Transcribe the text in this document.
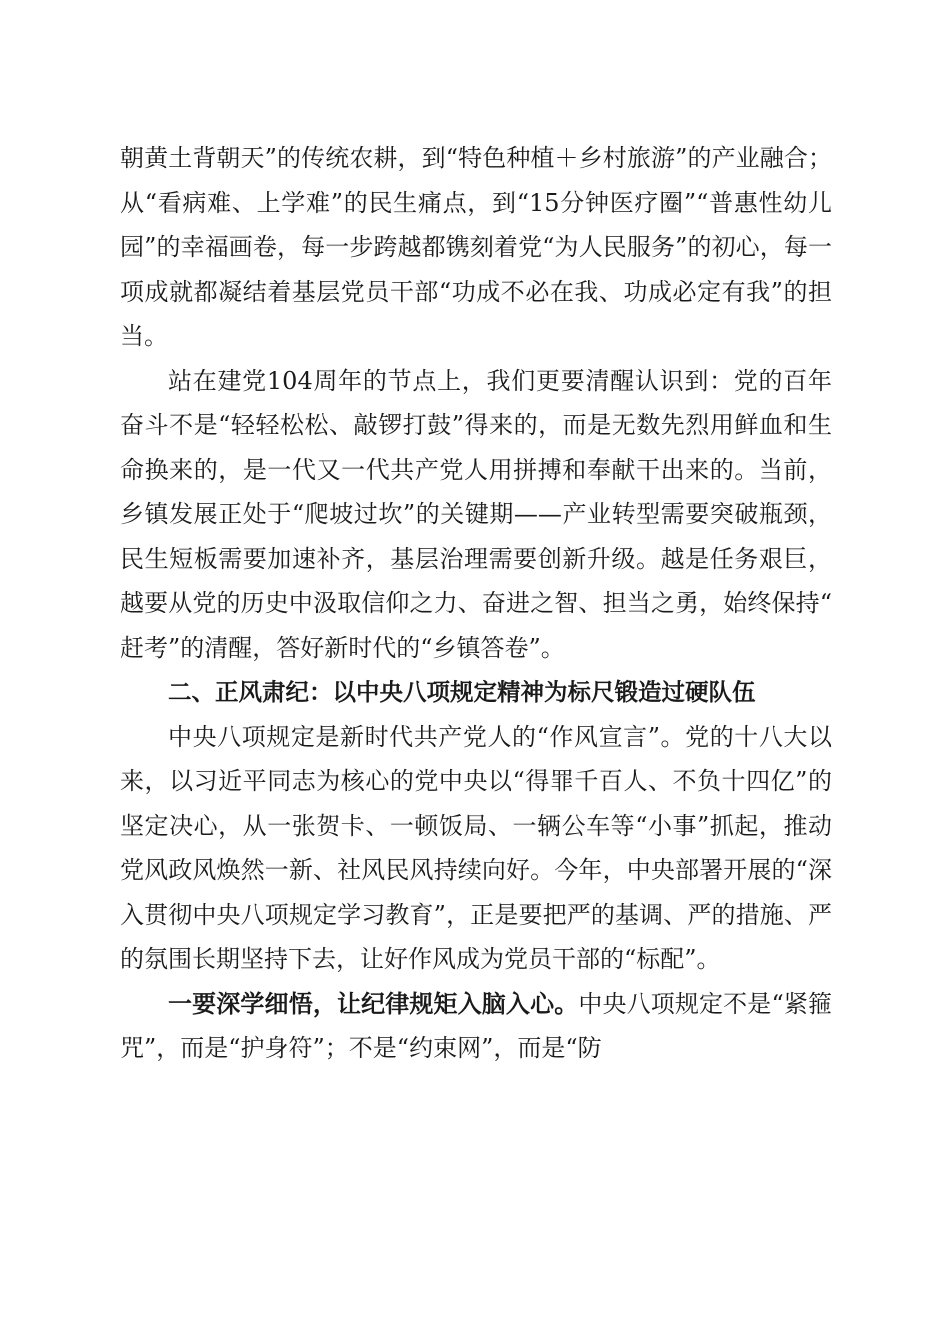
朝黄土背朝天”的传统农耕，到“特色种植＋乡村旅游”的产业融合；从“看病难、上学难”的民生痛点，到“15分钟医疗圈”“普惠性幼儿园”的幸福画卷，每一步跨越都镌刻着党“为人民服务”的初心，每一项成就都凝结着基层党员干部“功成不必在我、功成必定有我”的担当。

站在建党104周年的节点上，我们更要清醒认识到：党的百年奋斗不是“轻轻松松、敲锣打鼓”得来的，而是无数先烈用鲜血和生命换来的，是一代又一代共产党人用拼搏和奉献干出来的。当前，乡镇发展正处于“爬坡过坎”的关键期——产业转型需要突破瓶颈，民生短板需要加速补齐，基层治理需要创新升级。越是任务艰巨，越要从党的历史中汲取信仰之力、奋进之智、担当之勇，始终保持“赶考”的清醒，答好新时代的“乡镇答卷”。

二、正风肃纪：以中央八项规定精神为标尺锻造过硬队伍

中央八项规定是新时代共产党人的“作风宣言”。党的十八大以来，以习近平同志为核心的党中央以“得罪千百人、不负十四亿”的坚定决心，从一张贺卡、一顿饭局、一辆公车等“小事”抓起，推动党风政风焕然一新、社风民风持续向好。今年，中央部署开展的“深入贯彻中央八项规定学习教育”，正是要把严的基调、严的措施、严的氛围长期坚持下去，让好作风成为党员干部的“标配”。

一要深学细悟，让纪律规矩入脑入心。中央八项规定不是“紧箍咒”，而是“护身符”；不是“约束网”，而是“防
